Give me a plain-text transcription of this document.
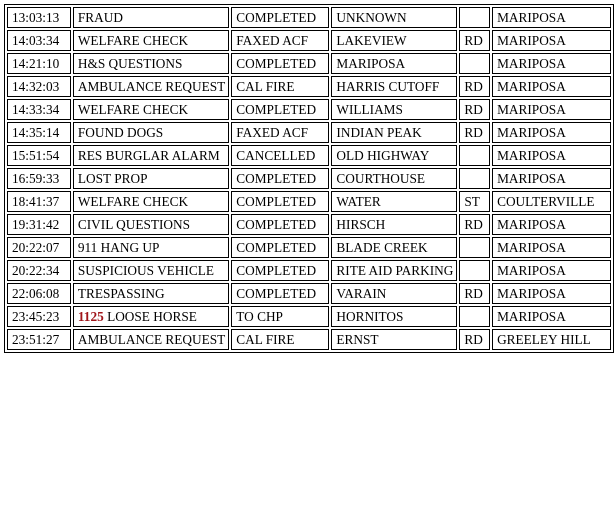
13:03:13	FRAUD	COMPLETED	UNKNOWN		MARIPOSA
14:03:34	WELFARE CHECK	FAXED ACF	LAKEVIEW	RD	MARIPOSA
14:21:10	H&S QUESTIONS	COMPLETED	MARIPOSA		MARIPOSA
14:32:03	AMBULANCE REQUEST	CAL FIRE	HARRIS CUTOFF	RD	MARIPOSA
14:33:34	WELFARE CHECK	COMPLETED	WILLIAMS	RD	MARIPOSA
14:35:14	FOUND DOGS	FAXED ACF	INDIAN PEAK	RD	MARIPOSA
15:51:54	RES BURGLAR ALARM	CANCELLED	OLD HIGHWAY		MARIPOSA
16:59:33	LOST PROP	COMPLETED	COURTHOUSE		MARIPOSA
18:41:37	WELFARE CHECK	COMPLETED	WATER	ST	COULTERVILLE
19:31:42	CIVIL QUESTIONS	COMPLETED	HIRSCH	RD	MARIPOSA
20:22:07	911 HANG UP	COMPLETED	BLADE CREEK		MARIPOSA
20:22:34	SUSPICIOUS VEHICLE	COMPLETED	RITE AID PARKING		MARIPOSA
22:06:08	TRESPASSING	COMPLETED	VARAIN	RD	MARIPOSA
23:45:23	1125 LOOSE HORSE	TO CHP	HORNITOS		MARIPOSA
23:51:27	AMBULANCE REQUEST	CAL FIRE	ERNST	RD	GREELEY HILL
